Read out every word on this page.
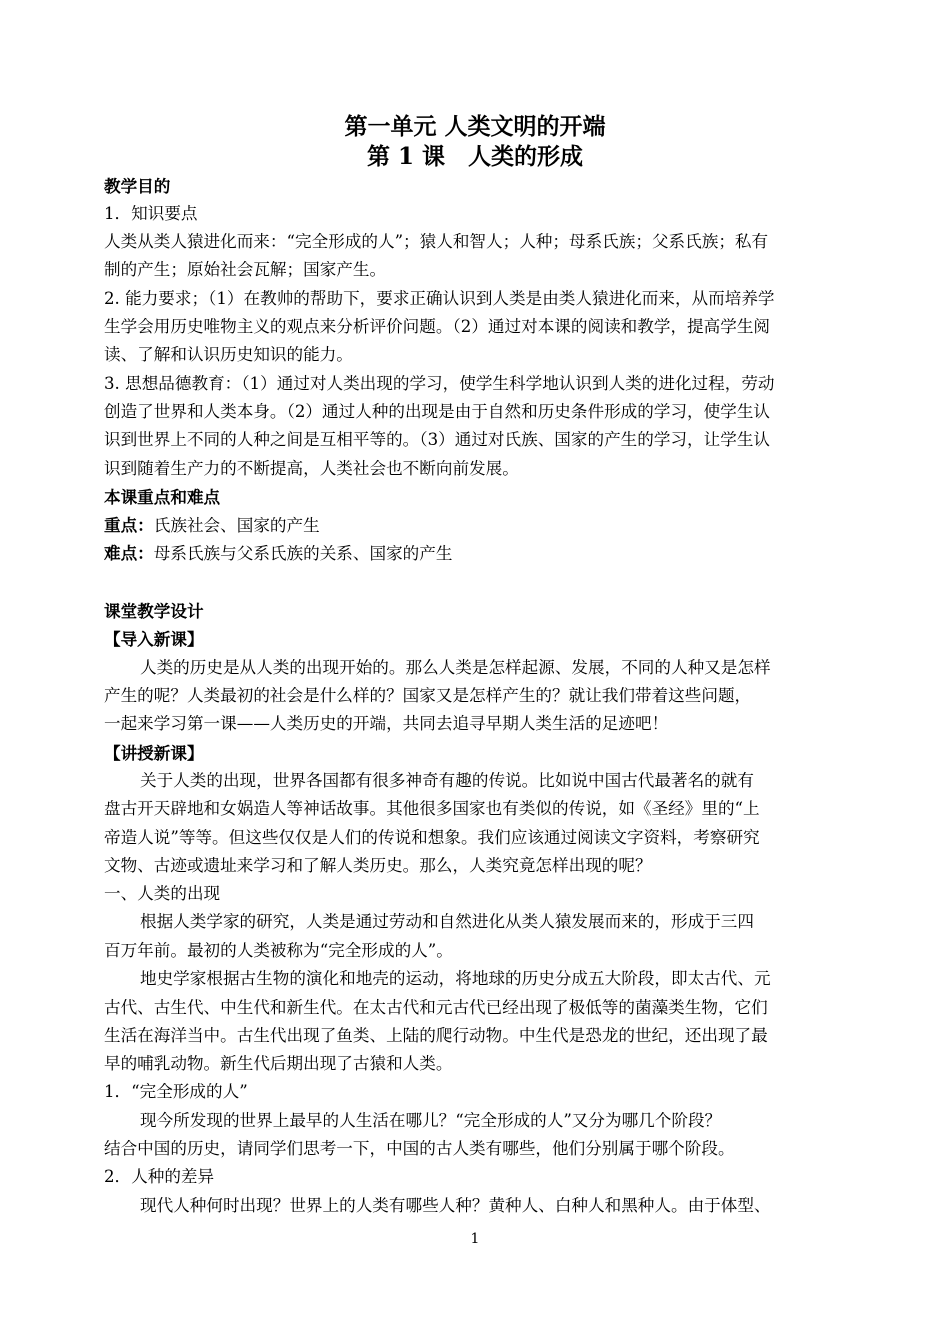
第一单元 人类文明的开端
第 1 课　人类的形成
教学目的
1．知识要点
人类从类人猿进化而来：“完全形成的人”；猿人和智人；人种；母系氏族；父系氏族；私有
制的产生；原始社会瓦解；国家产生。
2. 能力要求；（1）在教帅的帮助下，要求正确认识到人类是由类人猿进化而来，从而培养学
生学会用历史唯物主义的观点来分析评价问题。（2）通过对本课的阅读和教学，提高学生阅
读、了解和认识历史知识的能力。
3. 思想品德教育：（1）通过对人类出现的学习，使学生科学地认识到人类的进化过程，劳动
创造了世界和人类本身。（2）通过人种的出现是由于自然和历史条件形成的学习，使学生认
识到世界上不同的人种之间是互相平等的。（3）通过对氏族、国家的产生的学习，让学生认
识到随着生产力的不断提高，人类社会也不断向前发展。
本课重点和难点
重点：氏族社会、国家的产生
难点：母系氏族与父系氏族的关系、国家的产生
课堂教学设计
【导入新课】
人类的历史是从人类的出现开始的。那么人类是怎样起源、发展，不同的人种又是怎样
产生的呢？人类最初的社会是什么样的？国家又是怎样产生的？就让我们带着这些问题，
一起来学习第一课——人类历史的开端，共同去追寻早期人类生活的足迹吧！
【讲授新课】
关于人类的出现，世界各国都有很多神奇有趣的传说。比如说中国古代最著名的就有
盘古开天辟地和女娲造人等神话故事。其他很多国家也有类似的传说，如《圣经》里的“上
帝造人说”等等。但这些仅仅是人们的传说和想象。我们应该通过阅读文字资料，考察研究
文物、古迹或遗址来学习和了解人类历史。那么，人类究竟怎样出现的呢？
一、人类的出现
根据人类学家的研究，人类是通过劳动和自然进化从类人猿发展而来的，形成于三四
百万年前。最初的人类被称为“完全形成的人”。
地史学家根据古生物的演化和地壳的运动，将地球的历史分成五大阶段，即太古代、元
古代、古生代、中生代和新生代。在太古代和元古代已经出现了极低等的菌藻类生物，它们
生活在海洋当中。古生代出现了鱼类、上陆的爬行动物。中生代是恐龙的世纪，还出现了最
早的哺乳动物。新生代后期出现了古猿和人类。
1．“完全形成的人”
现今所发现的世界上最早的人生活在哪儿？“完全形成的人”又分为哪几个阶段？
结合中国的历史，请同学们思考一下，中国的古人类有哪些，他们分别属于哪个阶段。
2．人种的差异
现代人种何时出现？世界上的人类有哪些人种？黄种人、白种人和黑种人。由于体型、
1
